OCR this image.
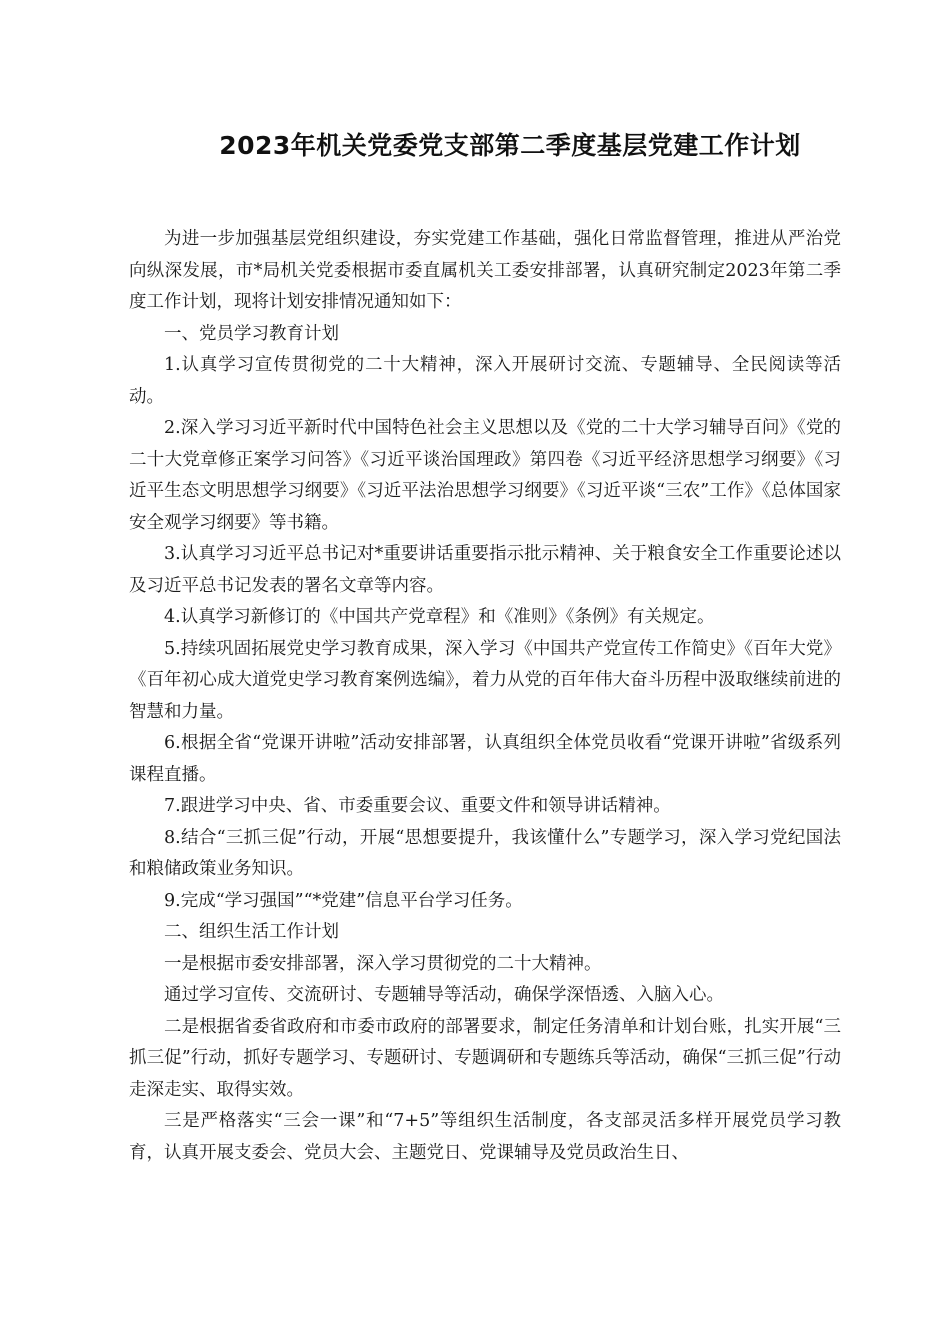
2023年机关党委党支部第二季度基层党建工作计划

为进一步加强基层党组织建设，夯实党建工作基础，强化日常监督管理，推进从严治党向纵深发展，市*局机关党委根据市委直属机关工委安排部署，认真研究制定2023年第二季度工作计划，现将计划安排情况通知如下：

一、党员学习教育计划

1.认真学习宣传贯彻党的二十大精神，深入开展研讨交流、专题辅导、全民阅读等活动。

2.深入学习习近平新时代中国特色社会主义思想以及《党的二十大学习辅导百问》《党的二十大党章修正案学习问答》《习近平谈治国理政》第四卷《习近平经济思想学习纲要》《习近平生态文明思想学习纲要》《习近平法治思想学习纲要》《习近平谈“三农”工作》《总体国家安全观学习纲要》等书籍。

3.认真学习习近平总书记对*重要讲话重要指示批示精神、关于粮食安全工作重要论述以及习近平总书记发表的署名文章等内容。

4.认真学习新修订的《中国共产党章程》和《准则》《条例》有关规定。

5.持续巩固拓展党史学习教育成果，深入学习《中国共产党宣传工作简史》《百年大党》《百年初心成大道党史学习教育案例选编》，着力从党的百年伟大奋斗历程中汲取继续前进的智慧和力量。

6.根据全省“党课开讲啦”活动安排部署，认真组织全体党员收看“党课开讲啦”省级系列课程直播。

7.跟进学习中央、省、市委重要会议、重要文件和领导讲话精神。

8.结合“三抓三促”行动，开展“思想要提升，我该懂什么”专题学习，深入学习党纪国法和粮储政策业务知识。

9.完成“学习强国”“*党建”信息平台学习任务。

二、组织生活工作计划

一是根据市委安排部署，深入学习贯彻党的二十大精神。

通过学习宣传、交流研讨、专题辅导等活动，确保学深悟透、入脑入心。

二是根据省委省政府和市委市政府的部署要求，制定任务清单和计划台账，扎实开展“三抓三促”行动，抓好专题学习、专题研讨、专题调研和专题练兵等活动，确保“三抓三促”行动走深走实、取得实效。

三是严格落实“三会一课”和“7+5”等组织生活制度，各支部灵活多样开展党员学习教育，认真开展支委会、党员大会、主题党日、党课辅导及党员政治生日、
